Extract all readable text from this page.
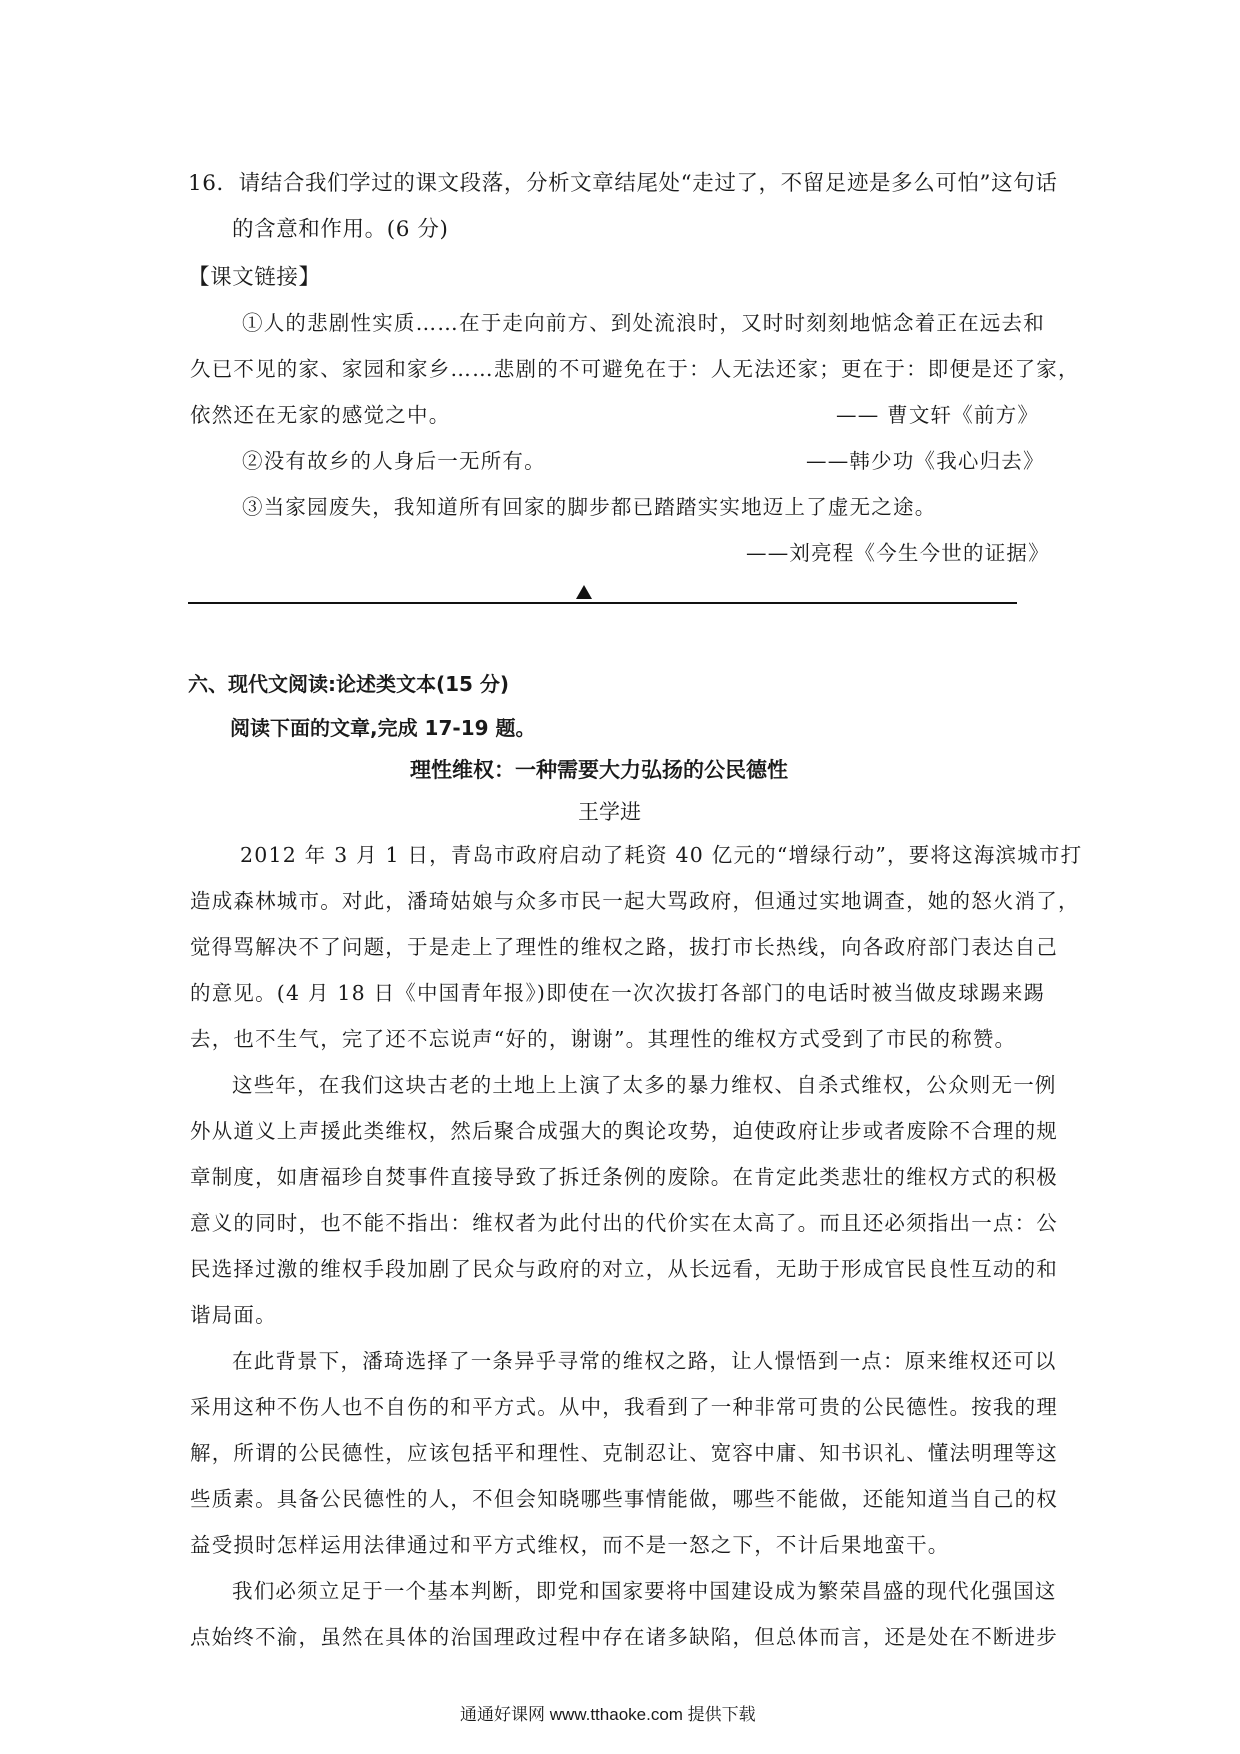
16．请结合我们学过的课文段落，分析文章结尾处“走过了，不留足迹是多么可怕”这句话
的含意和作用。(6 分)
【课文链接】
①人的悲剧性实质……在于走向前方、到处流浪时，又时时刻刻地惦念着正在远去和
久已不见的家、家园和家乡……悲剧的不可避免在于：人无法还家；更在于：即便是还了家，
依然还在无家的感觉之中。	—— 曹文轩《前方》
②没有故乡的人身后一无所有。	——韩少功《我心归去》
③当家园废失，我知道所有回家的脚步都已踏踏实实地迈上了虚无之途。
——刘亮程《今生今世的证据》
六、现代文阅读:论述类文本(15 分)
阅读下面的文章,完成 17-19 题。
理性维权：一种需要大力弘扬的公民德性
王学进
2012 年 3 月 1 日，青岛市政府启动了耗资 40 亿元的“增绿行动”，要将这海滨城市打
造成森林城市。对此，潘琦姑娘与众多市民一起大骂政府，但通过实地调查，她的怒火消了，
觉得骂解决不了问题，于是走上了理性的维权之路，拔打市长热线，向各政府部门表达自己
的意见。(4 月 18 日《中国青年报》)即使在一次次拔打各部门的电话时被当做皮球踢来踢
去，也不生气，完了还不忘说声“好的，谢谢”。其理性的维权方式受到了市民的称赞。
这些年，在我们这块古老的土地上上演了太多的暴力维权、自杀式维权，公众则无一例
外从道义上声援此类维权，然后聚合成强大的舆论攻势，迫使政府让步或者废除不合理的规
章制度，如唐福珍自焚事件直接导致了拆迁条例的废除。在肯定此类悲壮的维权方式的积极
意义的同时，也不能不指出：维权者为此付出的代价实在太高了。而且还必须指出一点：公
民选择过激的维权手段加剧了民众与政府的对立，从长远看，无助于形成官民良性互动的和
谐局面。
在此背景下，潘琦选择了一条异乎寻常的维权之路，让人憬悟到一点：原来维权还可以
采用这种不伤人也不自伤的和平方式。从中，我看到了一种非常可贵的公民德性。按我的理
解，所谓的公民德性，应该包括平和理性、克制忍让、宽容中庸、知书识礼、懂法明理等这
些质素。具备公民德性的人，不但会知晓哪些事情能做，哪些不能做，还能知道当自己的权
益受损时怎样运用法律通过和平方式维权，而不是一怒之下，不计后果地蛮干。
我们必须立足于一个基本判断，即党和国家要将中国建设成为繁荣昌盛的现代化强国这
点始终不渝，虽然在具体的治国理政过程中存在诸多缺陷，但总体而言，还是处在不断进步
通通好课网 www.tthaoke.com 提供下载
